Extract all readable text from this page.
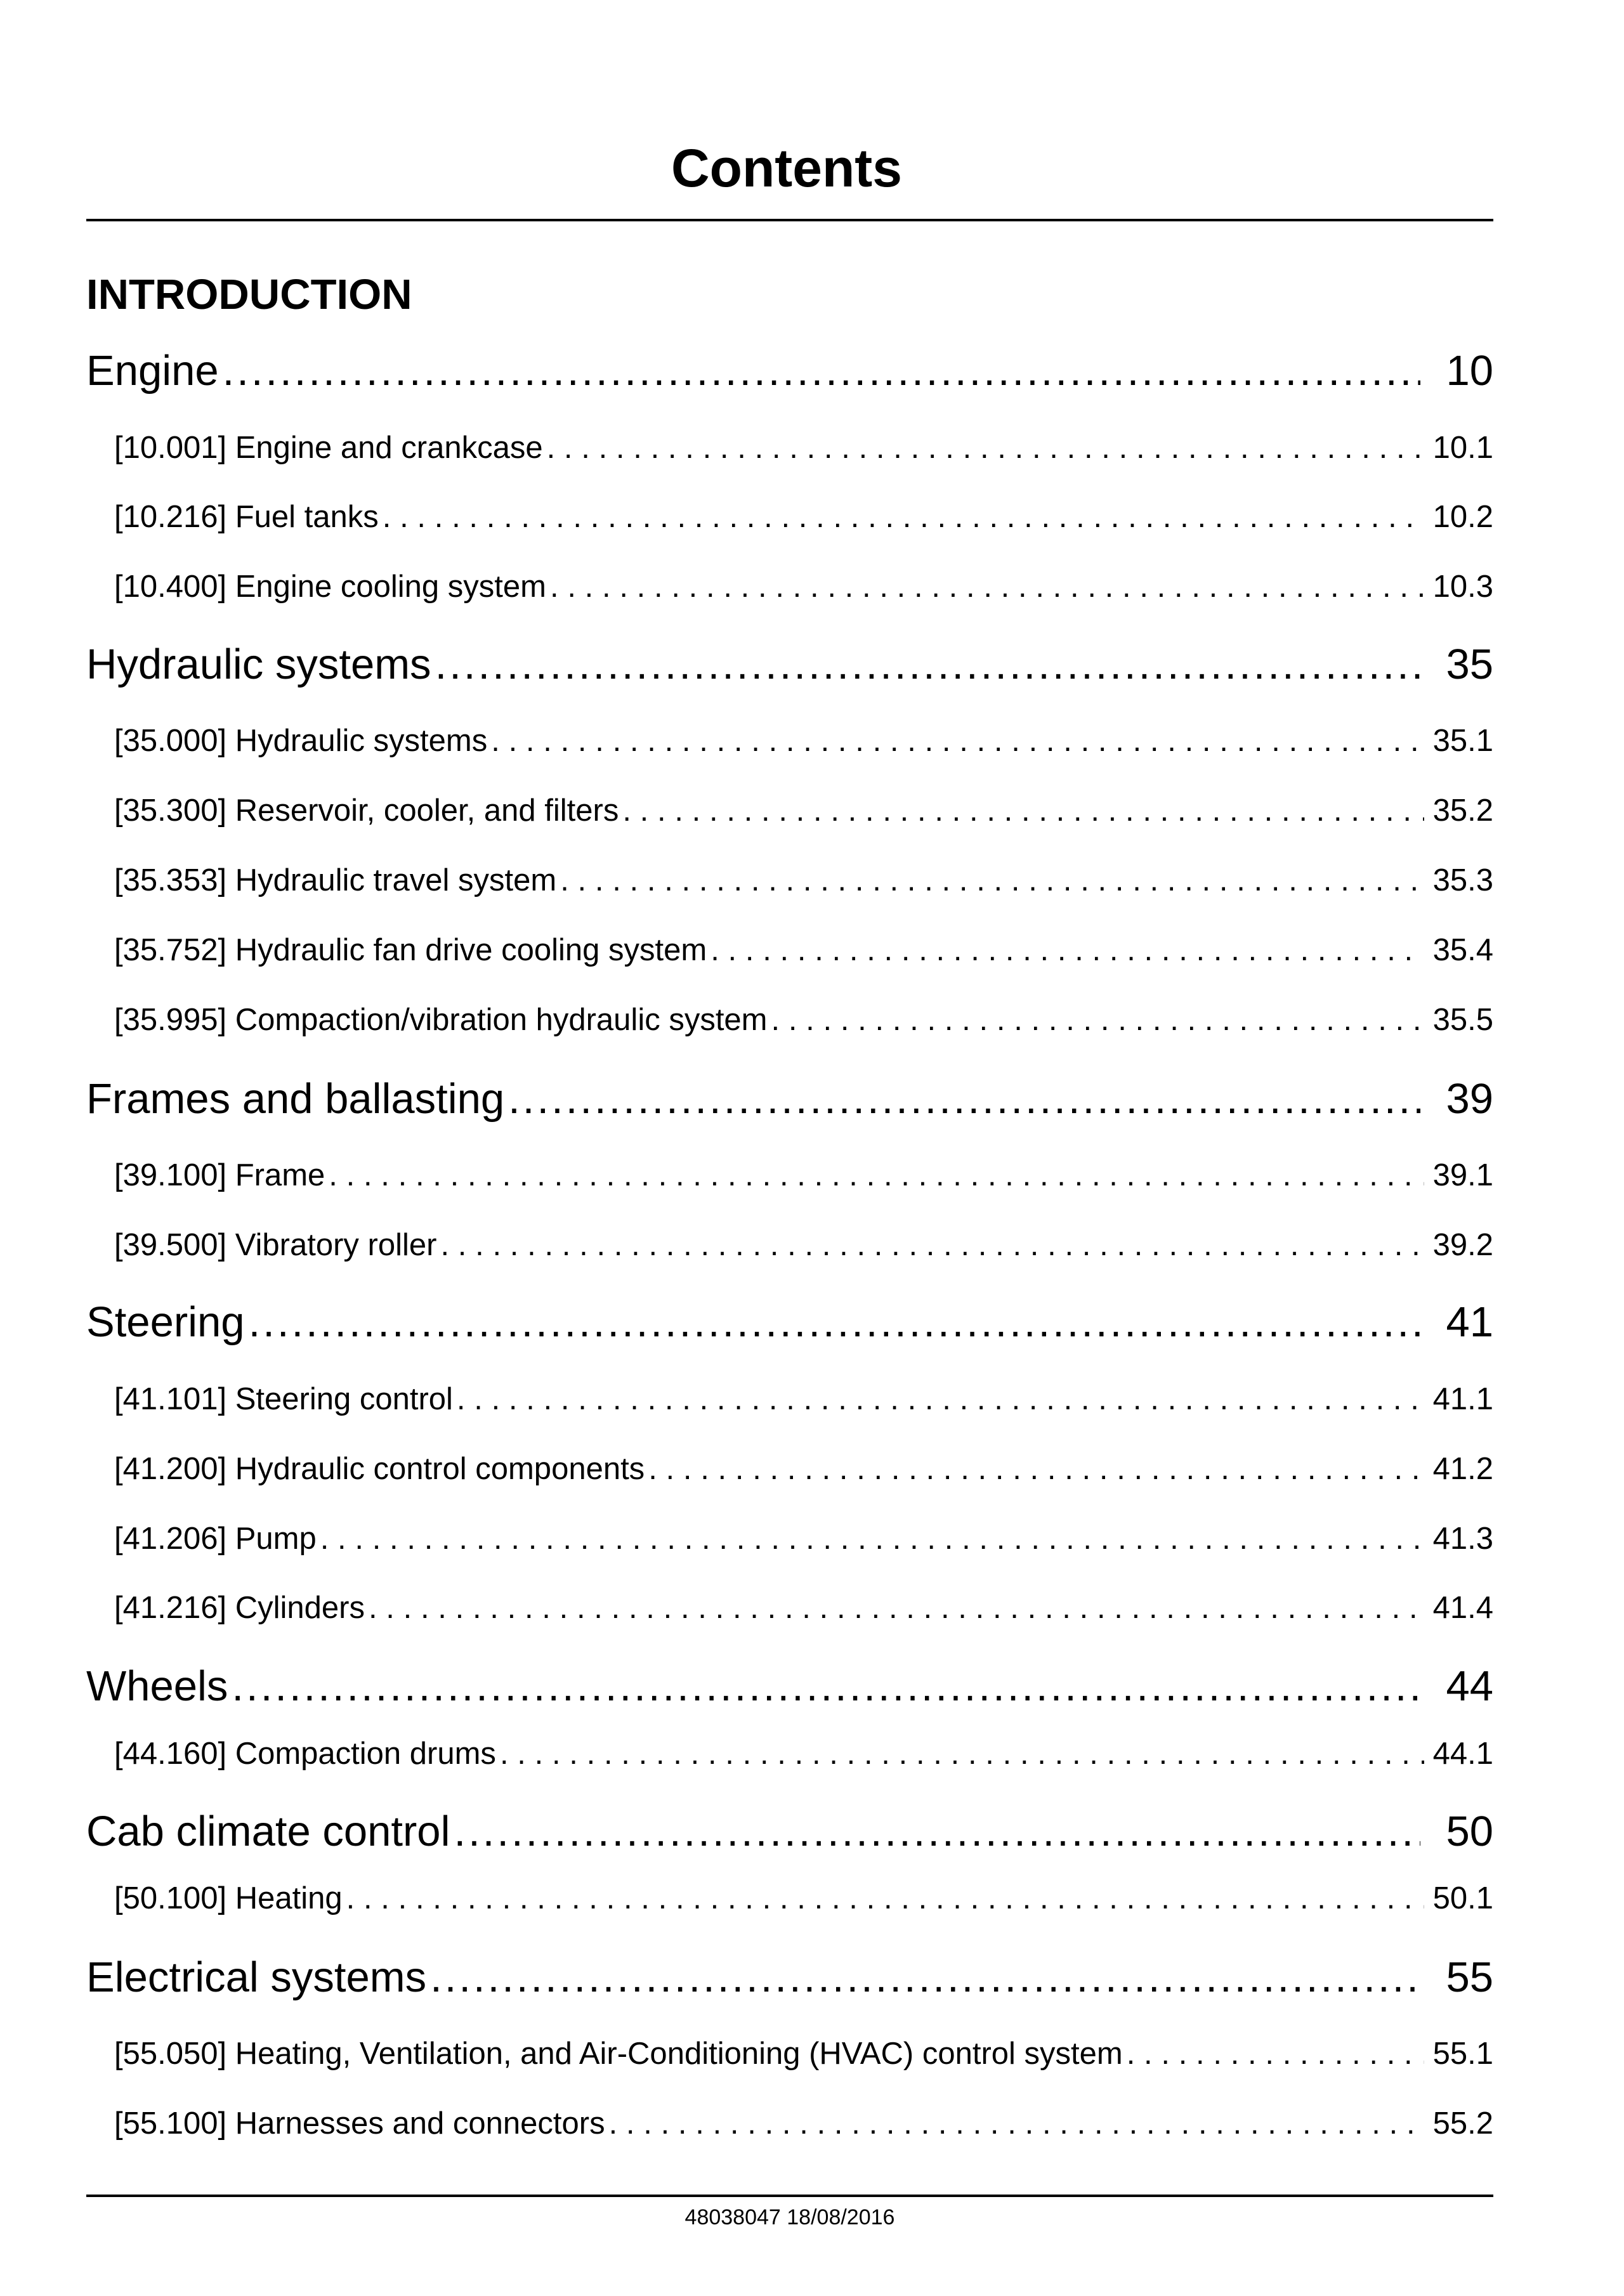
Contents
INTRODUCTION
Engine .....	10
[10.001] Engine and crankcase .....	10.1
[10.216] Fuel tanks .....	10.2
[10.400] Engine cooling system .....	10.3
Hydraulic systems .....	35
[35.000] Hydraulic systems .....	35.1
[35.300] Reservoir, cooler, and filters .....	35.2
[35.353] Hydraulic travel system .....	35.3
[35.752] Hydraulic fan drive cooling system .....	35.4
[35.995] Compaction/vibration hydraulic system .....	35.5
Frames and ballasting .....	39
[39.100] Frame .....	39.1
[39.500] Vibratory roller .....	39.2
Steering .....	41
[41.101] Steering control .....	41.1
[41.200] Hydraulic control components .....	41.2
[41.206] Pump .....	41.3
[41.216] Cylinders .....	41.4
Wheels .....	44
[44.160] Compaction drums .....	44.1
Cab climate control .....	50
[50.100] Heating .....	50.1
Electrical systems .....	55
[55.050] Heating, Ventilation, and Air-Conditioning (HVAC) control system .....	55.1
[55.100] Harnesses and connectors .....	55.2
48038047 18/08/2016
